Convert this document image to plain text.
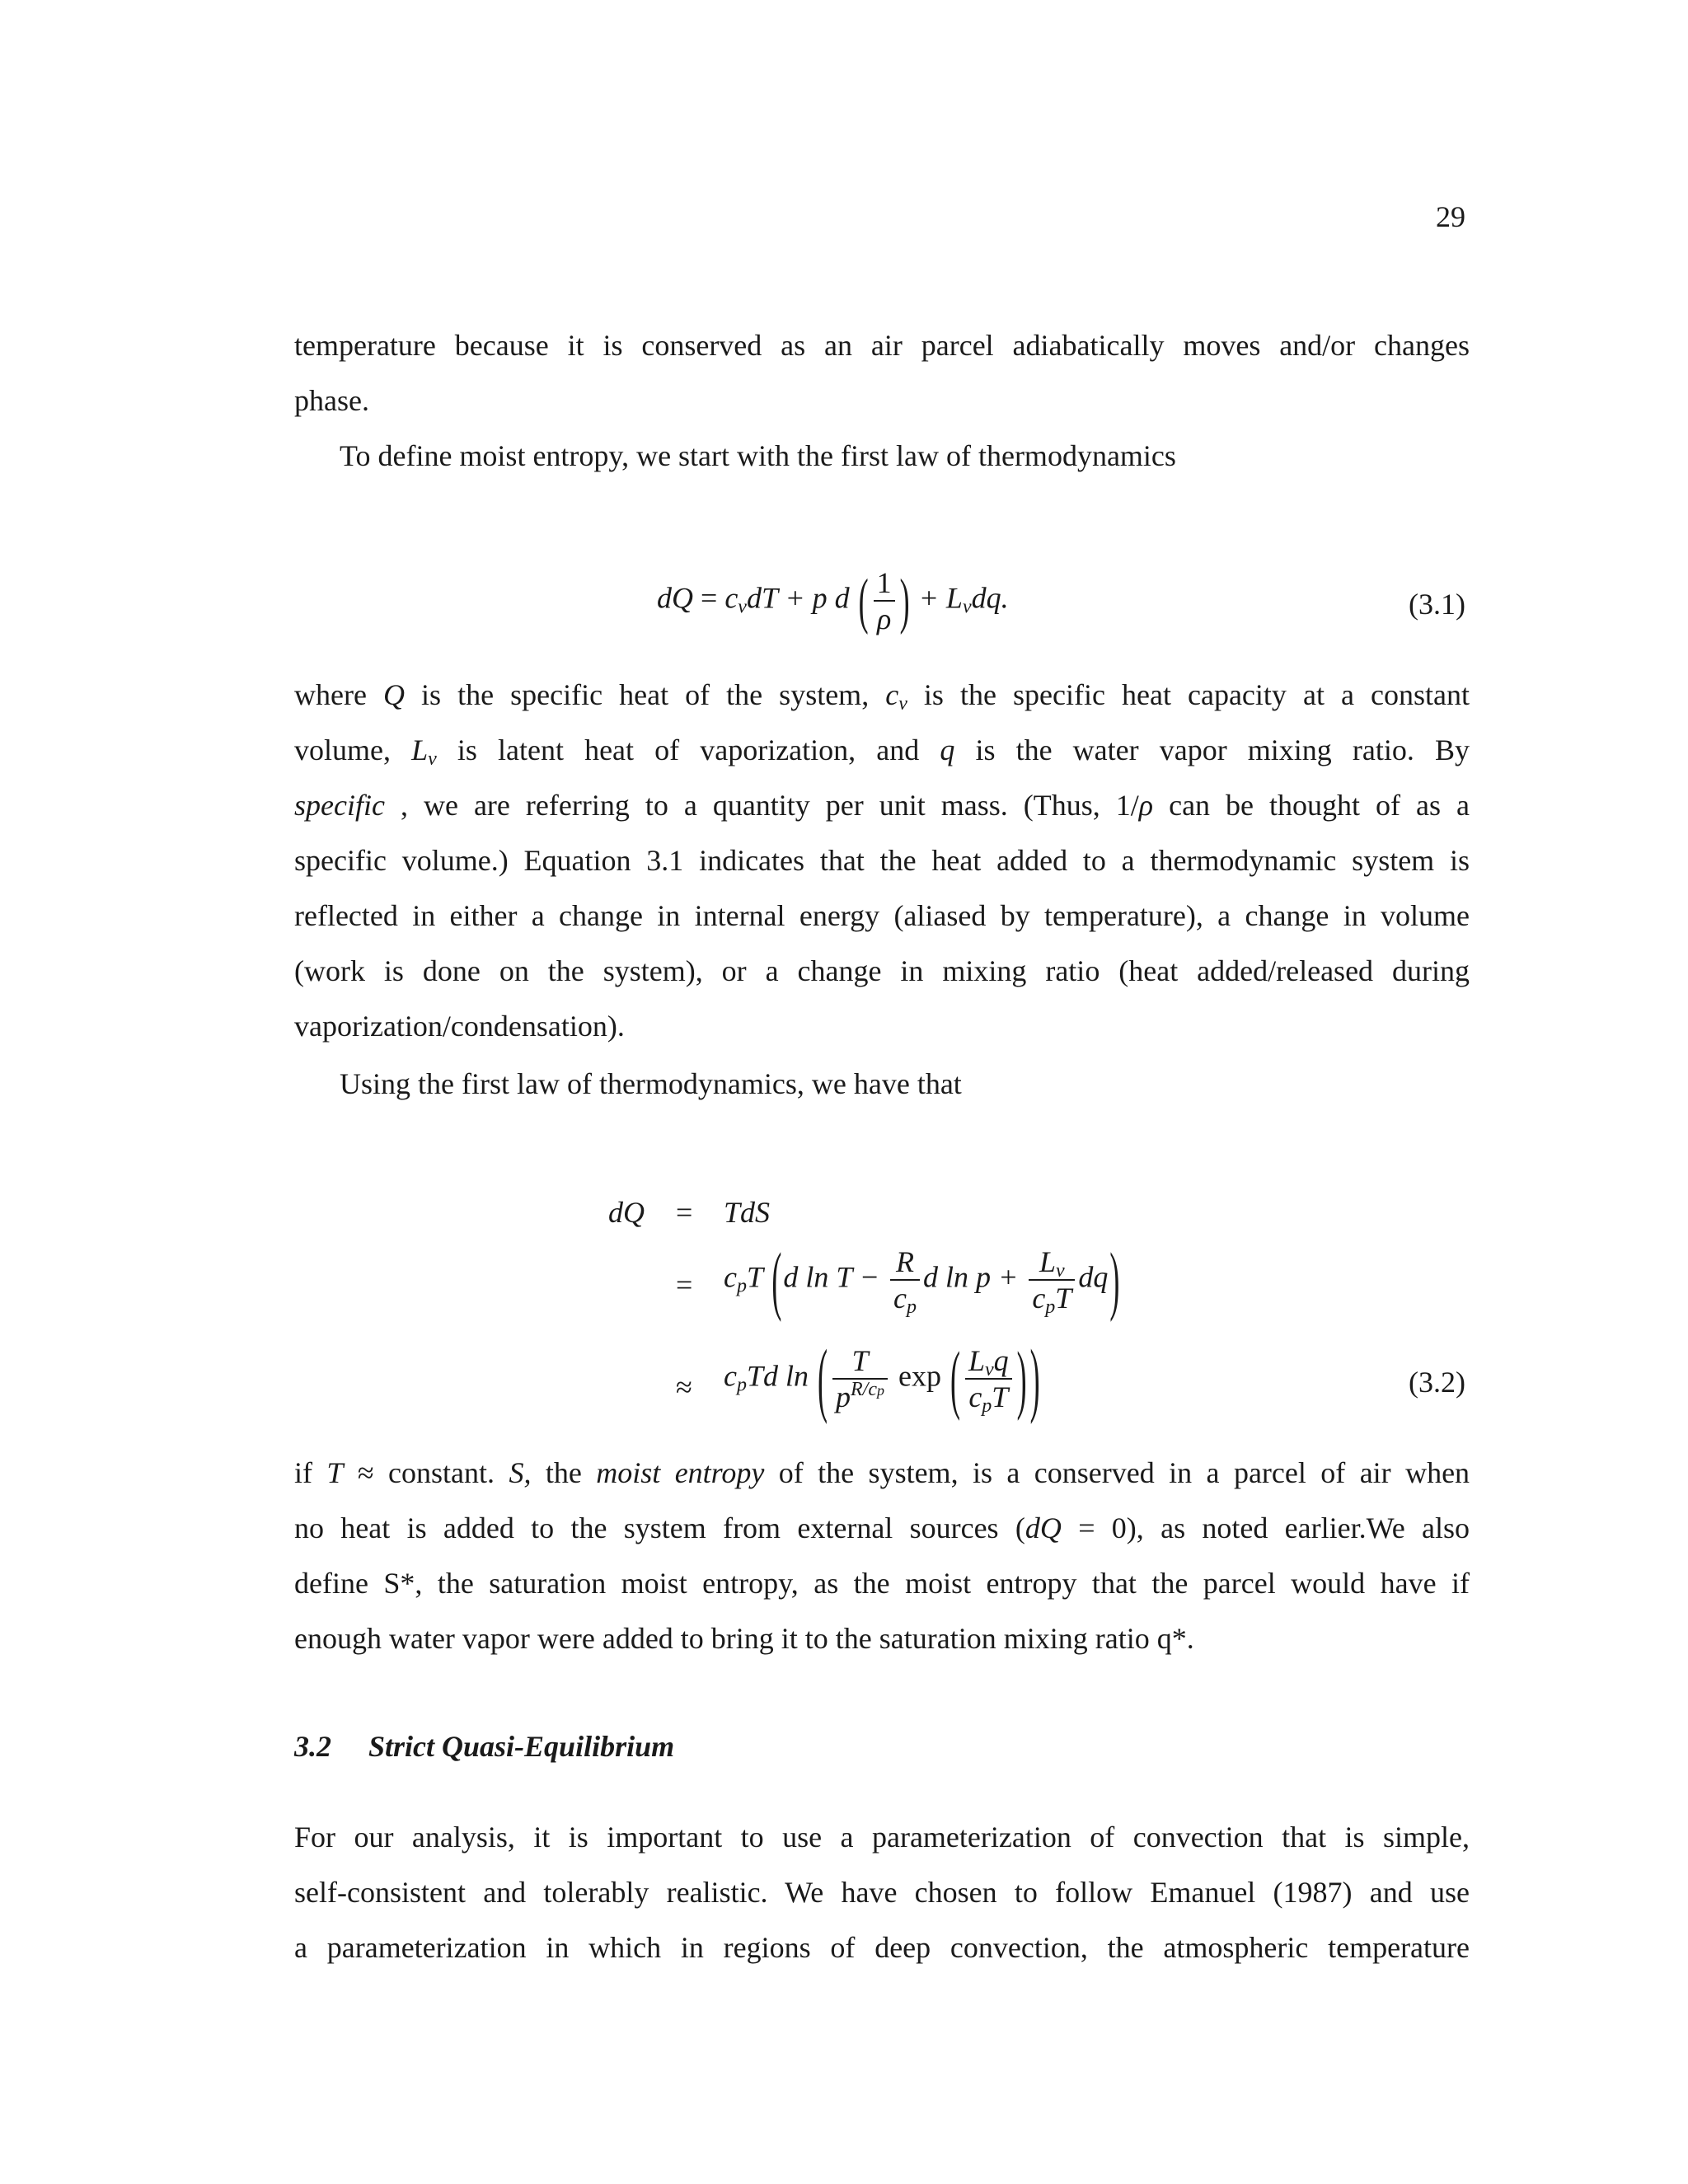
29
temperature because it is conserved as an air parcel adiabatically moves and/or changes
phase.
To define moist entropy, we start with the first law of thermodynamics
dQ = $c_vdT + p$ d ( $\frac{1}{\rho}$ ) + $L_vdq$.	(3.1)
where Q is the specific heat of the system, $c_v$ is the specific heat capacity at a constant
volume, $L_v$ is latent heat of vaporization, and q is the water vapor mixing ratio. By
specific , we are referring to a quantity per unit mass. (Thus, 1/ρ can be thought of as a
specific volume.) Equation 3.1 indicates that the heat added to a thermodynamic system is
reflected in either a change in internal energy (aliased by temperature), a change in volume
(work is done on the system), or a change in mixing ratio (heat added/released during
vaporization/condensation).
Using the first law of thermodynamics, we have that
dQ = TdS
= $c_pT$ (d $\ln T - \frac{R}{c_p}$ d $\ln p + \frac{L_v}{c_pT} dq$)
≈ $c_pTd$ ln ( $\frac{T}{p^{R/cp}}$ exp ( $\frac{L_vq}{c_pT}$ ) )	(3.2)
if T ≈ constant. S, the moist entropy of the system, is a conserved in a parcel of air when
no heat is added to the system from external sources (dQ = 0), as noted earlier.We also
define S*, the saturation moist entropy, as the moist entropy that the parcel would have if
enough water vapor were added to bring it to the saturation mixing ratio q*.
3.2 Strict Quasi-Equilibrium
For our analysis, it is important to use a parameterization of convection that is simple,
self-consistent and tolerably realistic. We have chosen to follow Emanuel (1987) and use
a parameterization in which in regions of deep convection, the atmospheric temperature
